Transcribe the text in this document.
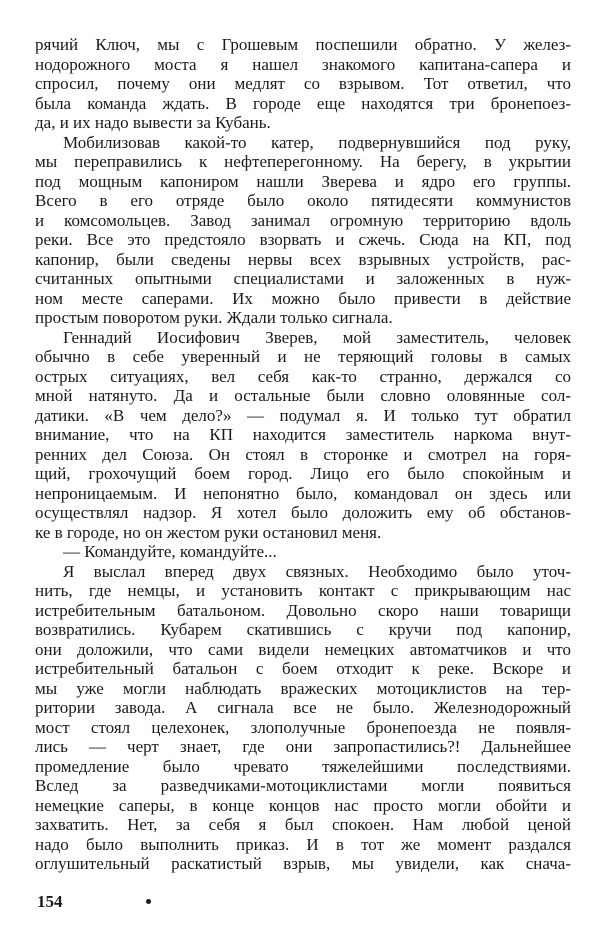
рячий Ключ, мы с Грошевым поспешили обратно. У желез-
нодорожного моста я нашел знакомого капитана-сапера и
спросил, почему они медлят со взрывом. Тот ответил, что
была команда ждать. В городе еще находятся три бронепоез-
да, и их надо вывести за Кубань.
Мобилизовав какой-то катер, подвернувшийся под руку,
мы переправились к нефтеперегонному. На берегу, в укрытии
под мощным капониром нашли Зверева и ядро его группы.
Всего в его отряде было около пятидесяти коммунистов
и комсомольцев. Завод занимал огромную территорию вдоль
реки. Все это предстояло взорвать и сжечь. Сюда на КП, под
капонир, были сведены нервы всех взрывных устройств, рас-
считанных опытными специалистами и заложенных в нуж-
ном месте саперами. Их можно было привести в действие
простым поворотом руки. Ждали только сигнала.
Геннадий Иосифович Зверев, мой заместитель, человек
обычно в себе уверенный и не теряющий головы в самых
острых ситуациях, вел себя как-то странно, держался со
мной натянуто. Да и остальные были словно оловянные сол-
датики. «В чем дело?» — подумал я. И только тут обратил
внимание, что на КП находится заместитель наркома внут-
ренних дел Союза. Он стоял в сторонке и смотрел на горя-
щий, грохочущий боем город. Лицо его было спокойным и
непроницаемым. И непонятно было, командовал он здесь или
осуществлял надзор. Я хотел было доложить ему об обстанов-
ке в городе, но он жестом руки остановил меня.
— Командуйте, командуйте...
Я выслал вперед двух связных. Необходимо было уточ-
нить, где немцы, и установить контакт с прикрывающим нас
истребительным батальоном. Довольно скоро наши товарищи
возвратились. Кубарем скатившись с кручи под капонир,
они доложили, что сами видели немецких автоматчиков и что
истребительный батальон с боем отходит к реке. Вскоре и
мы уже могли наблюдать вражеских мотоциклистов на тер-
ритории завода. А сигнала все не было. Железнодорожный
мост стоял целехонек, злополучные бронепоезда не появля-
лись — черт знает, где они запропастились?! Дальнейшее
промедление было чревато тяжелейшими последствиями.
Вслед за разведчиками-мотоциклистами могли появиться
немецкие саперы, в конце концов нас просто могли обойти и
захватить. Нет, за себя я был спокоен. Нам любой ценой
надо было выполнить приказ. И в тот же момент раздался
оглушительный раскатистый взрыв, мы увидели, как снача-
154
